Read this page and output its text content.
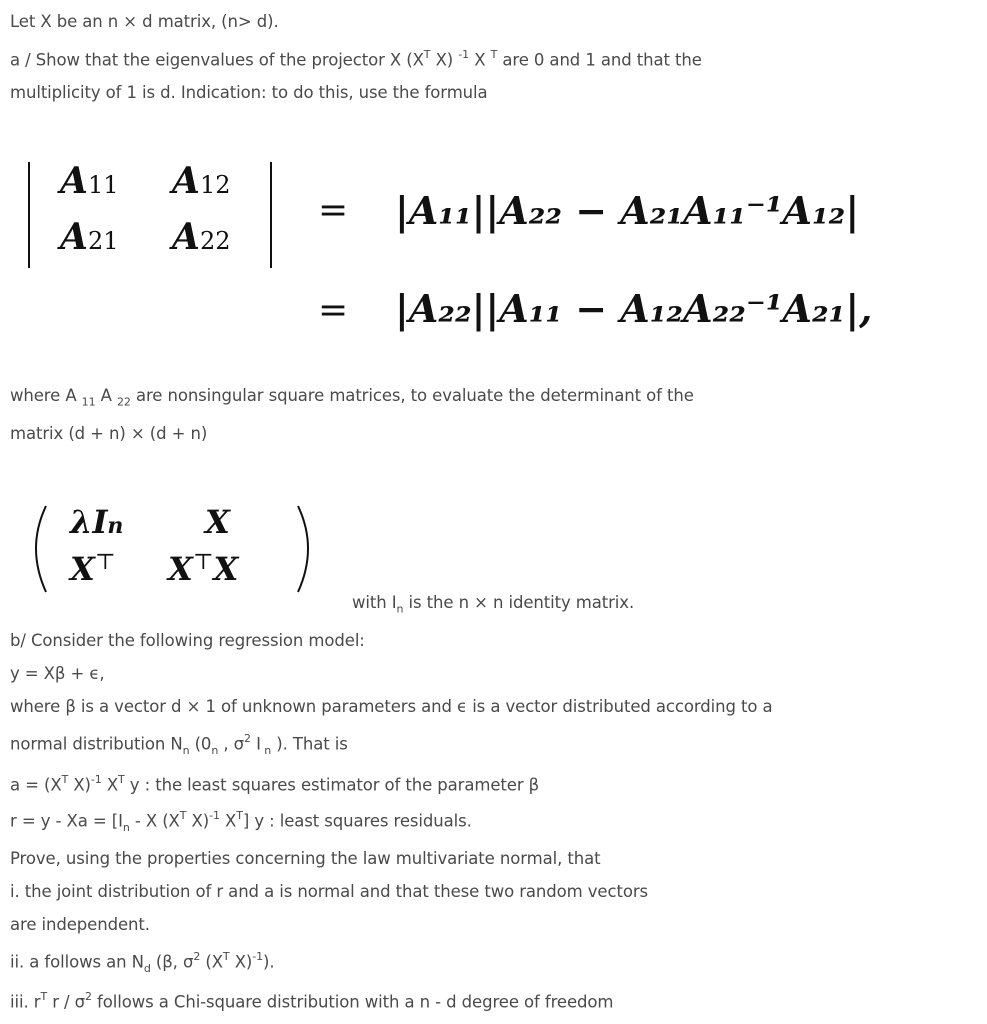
Let X be an n × d matrix, (n> d).
a / Show that the eigenvalues of the projector X ($X^T$ X) $^{-1}$ X $^T$ are 0 and 1 and that the
multiplicity of 1 is d. Indication: to do this, use the formula
A11 A12
A21 A22
= |A₁₁||A₂₂ − A₂₁A₁₁⁻¹A₁₂|
= |A₂₂||A₁₁ − A₁₂A₂₂⁻¹A₂₁|,
where A $_{11}$ A $_{22}$ are nonsingular square matrices, to evaluate the determinant of the
matrix (d + n) × (d + n)
λIn	X
X⊤ X⊤X
with $I_n$ is the n × n identity matrix.
b/ Consider the following regression model:
y = Xβ + ϵ,
where β is a vector d × 1 of unknown parameters and ϵ is a vector distributed according to a
normal distribution $N_n$ ($0_n$ , $\sigma^2$ I $_n$ ). That is
$a = (X^T$ X)$^{-1}$ $X^T$ y : the least squares estimator of the parameter β
$r = y - Xa = [I_n - X$ ($X^T$ X)$^{-1}$ $X^T$] y : least squares residuals.
Prove, using the properties concerning the law multivariate normal, that
i. the joint distribution of r and a is normal and that these two random vectors
are independent.
ii. a follows an $N_d$ (β, $\sigma^2$ ($X^T$ X)$^{-1}$).
iii. $r^T$ r / $\sigma^2$ follows a Chi-square distribution with a n - d degree of freedom
